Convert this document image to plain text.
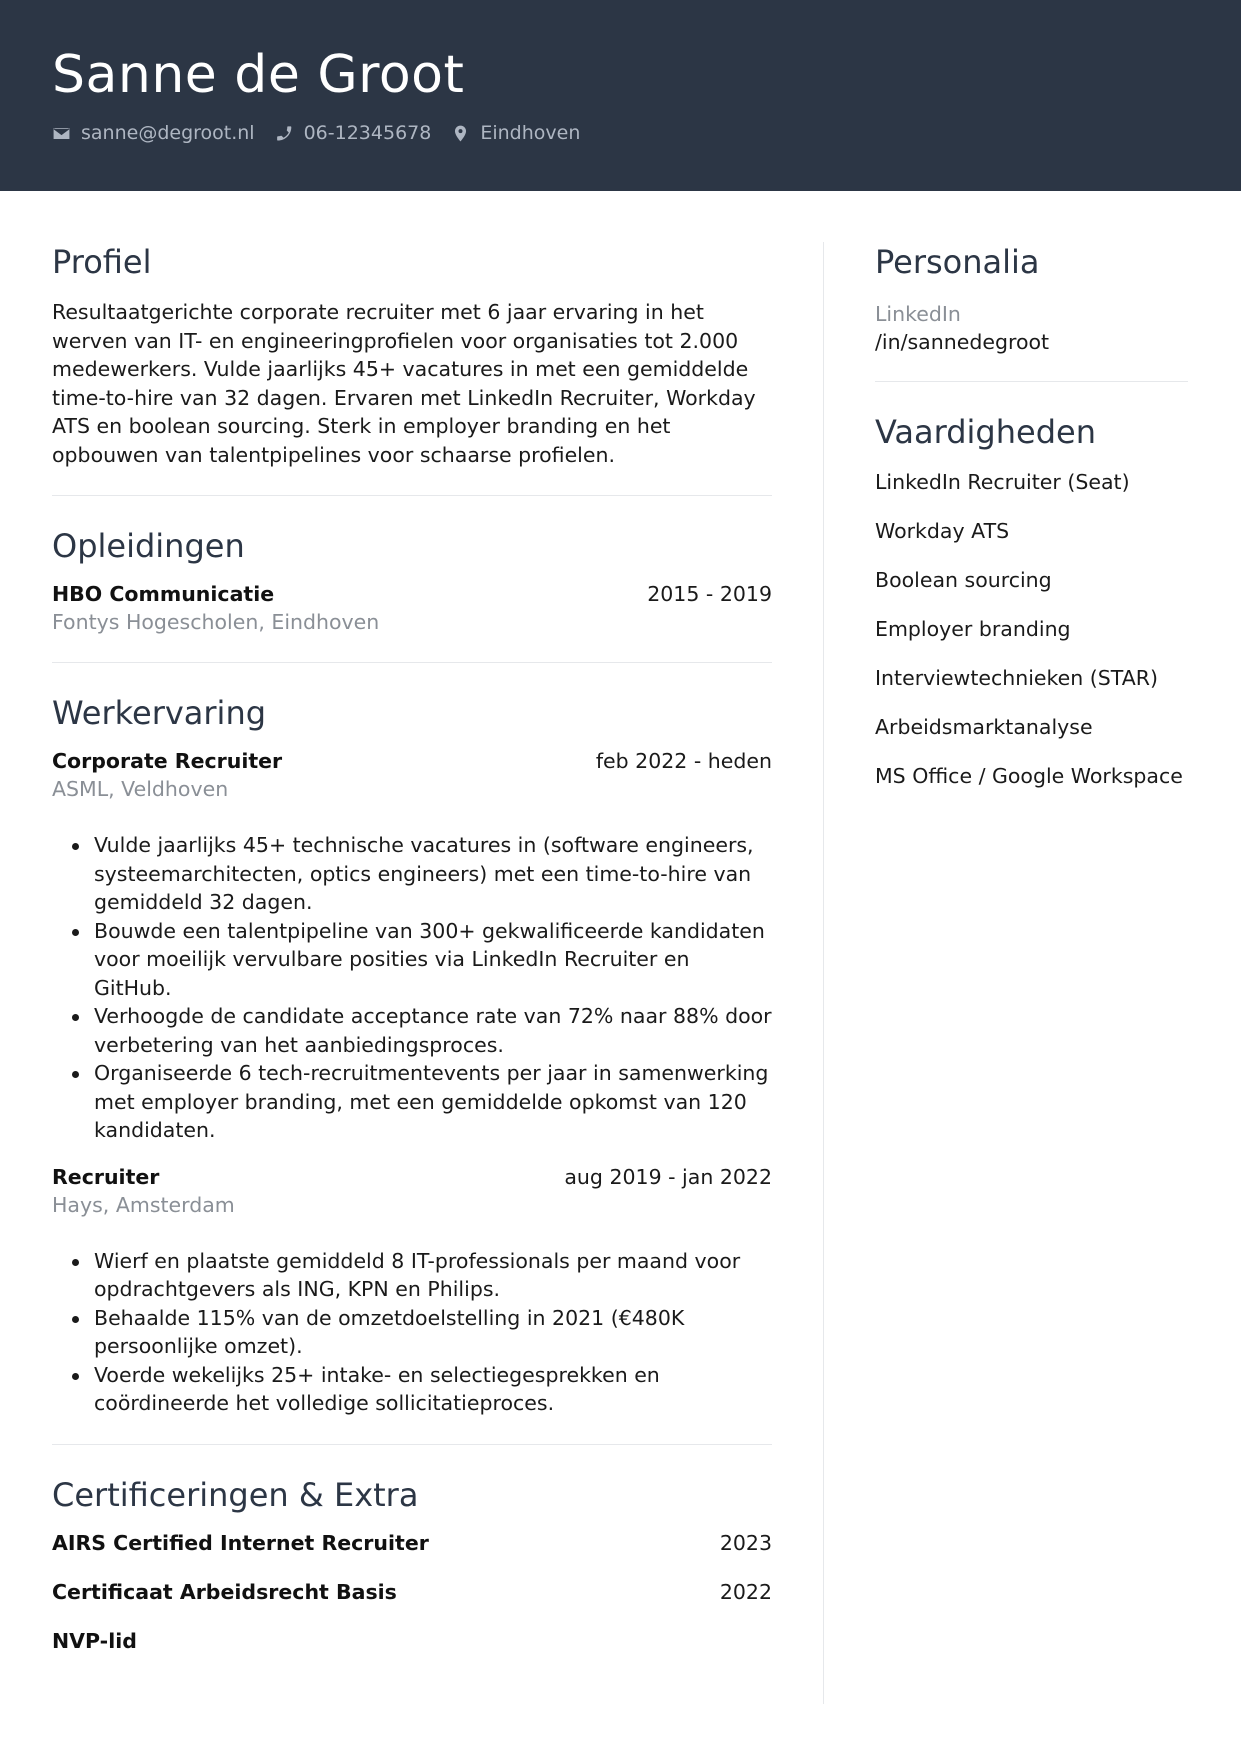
Sanne de Groot
sanne@degroot.nl	06-12345678	Eindhoven
Profiel

Resultaatgerichte corporate recruiter met 6 jaar ervaring in het werven van IT- en engineeringprofielen voor organisaties tot 2.000 medewerkers. Vulde jaarlijks 45+ vacatures in met een gemiddelde time-to-hire van 32 dagen. Ervaren met LinkedIn Recruiter, Workday ATS en boolean sourcing. Sterk in employer branding en het opbouwen van talentpipelines voor schaarse profielen.

Opleidingen
HBO Communicatie	2015 - 2019
Fontys Hogescholen, Eindhoven
Werkervaring
Corporate Recruiter	feb 2022 - heden
ASML, Veldhoven
Vulde jaarlijks 45+ technische vacatures in (software engineers, systeemarchitecten, optics engineers) met een time-to-hire van gemiddeld 32 dagen.
Bouwde een talentpipeline van 300+ gekwalificeerde kandidaten voor moeilijk vervulbare posities via LinkedIn Recruiter en GitHub.
Verhoogde de candidate acceptance rate van 72% naar 88% door verbetering van het aanbiedingsproces.
Organiseerde 6 tech-recruitmentevents per jaar in samenwerking met employer branding, met een gemiddelde opkomst van 120 kandidaten.
Recruiter	aug 2019 - jan 2022
Hays, Amsterdam
Wierf en plaatste gemiddeld 8 IT-professionals per maand voor opdrachtgevers als ING, KPN en Philips.
Behaalde 115% van de omzetdoelstelling in 2021 (€480K persoonlijke omzet).
Voerde wekelijks 25+ intake- en selectiegesprekken en coördineerde het volledige sollicitatieproces.
Certificeringen & Extra
AIRS Certified Internet Recruiter	2023
Certificaat Arbeidsrecht Basis	2022
NVP-lid
Personalia
LinkedIn
/in/sannedegroot
Vaardigheden
LinkedIn Recruiter (Seat)
Workday ATS
Boolean sourcing
Employer branding
Interviewtechnieken (STAR)
Arbeidsmarktanalyse
MS Office / Google Workspace
